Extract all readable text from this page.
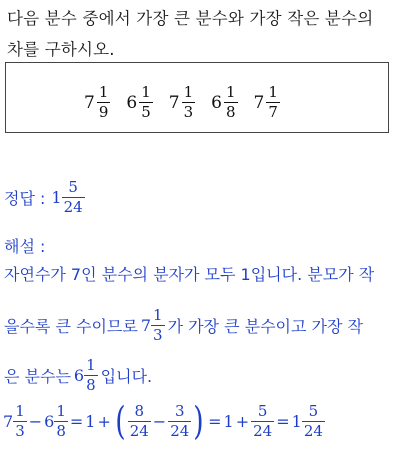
다음 분수 중에서 가장 큰 분수와 가장 작은 분수의
차를 구하시오.
$7 \frac{1}{9} 6 \frac{1}{5} 7 \frac{1}{3} 6 \frac{1}{8} 7 \frac{1}{7}$
정답 : $1 \frac{5}{24}$
해설 :
자연수가 7인 분수의 분자가 모두 1입니다. 분모가 작
을수록 큰 수이므로 $7 \frac{1}{3}$ 가 가장 큰 분수이고 가장 작
은 분수는 $6 \frac{1}{8}$ 입니다.
$7 \frac{1}{3} - 6 \frac{1}{8} = 1$ + ( $\frac{8}{24} - \frac{3}{24}$ ) = $1 + \frac{5}{24} = 1 \frac{5}{24}$
